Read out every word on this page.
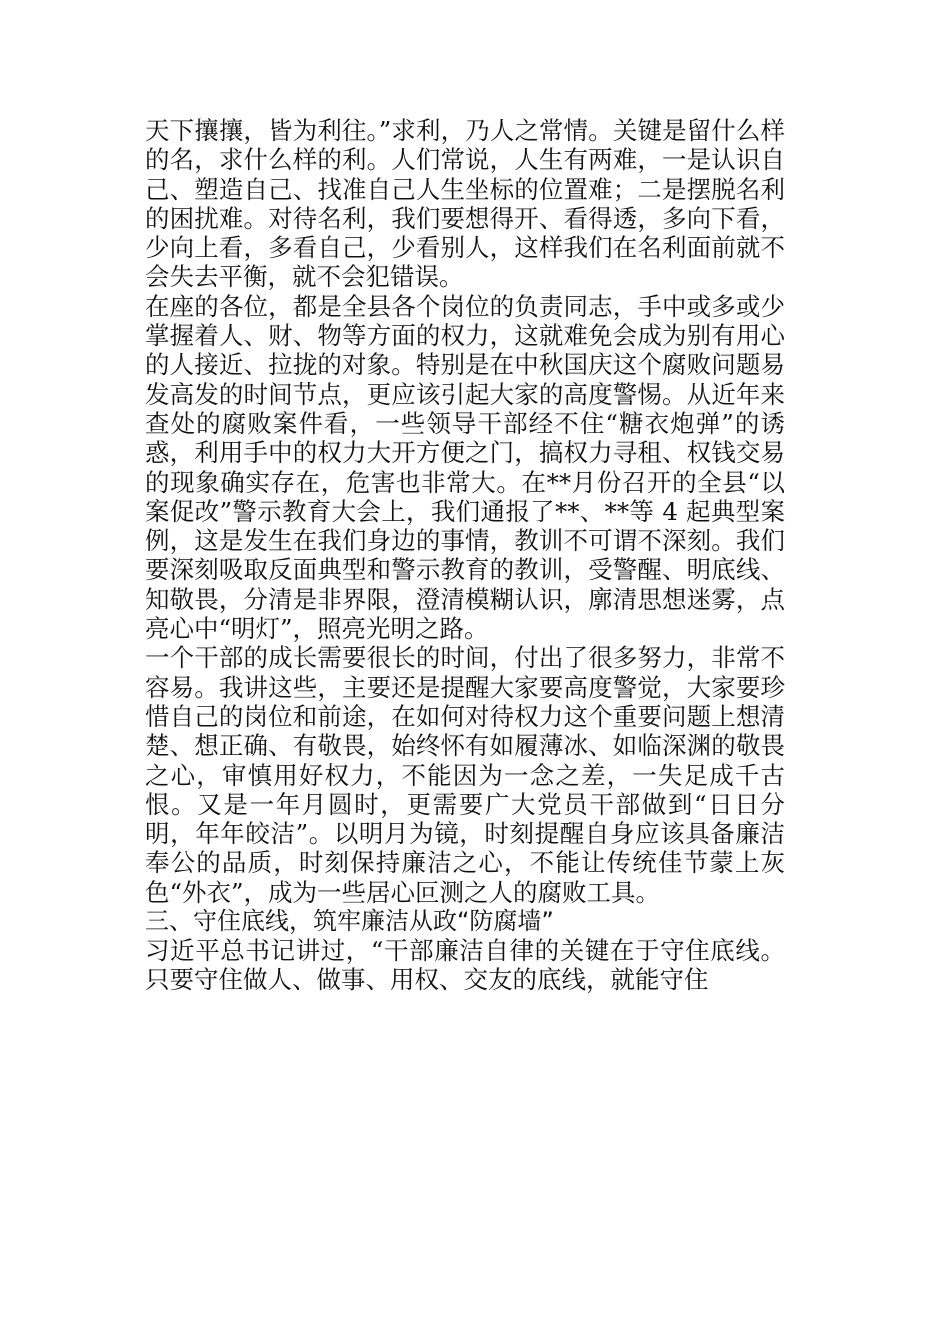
天下攘攘，皆为利往。”求利，乃人之常情。关键是留什么样的名，求什么样的利。人们常说，人生有两难，一是认识自己、塑造自己、找准自己人生坐标的位置难；二是摆脱名利的困扰难。对待名利，我们要想得开、看得透，多向下看，少向上看，多看自己，少看别人，这样我们在名利面前就不会失去平衡，就不会犯错误。

在座的各位，都是全县各个岗位的负责同志，手中或多或少掌握着人、财、物等方面的权力，这就难免会成为别有用心的人接近、拉拢的对象。特别是在中秋国庆这个腐败问题易发高发的时间节点，更应该引起大家的高度警惕。从近年来查处的腐败案件看，一些领导干部经不住“糖衣炮弹”的诱惑，利用手中的权力大开方便之门，搞权力寻租、权钱交易的现象确实存在，危害也非常大。在**月份召开的全县“以案促改”警示教育大会上，我们通报了**、**等 4 起典型案例，这是发生在我们身边的事情，教训不可谓不深刻。我们要深刻吸取反面典型和警示教育的教训，受警醒、明底线、知敬畏，分清是非界限，澄清模糊认识，廓清思想迷雾，点亮心中“明灯”，照亮光明之路。

一个干部的成长需要很长的时间，付出了很多努力，非常不容易。我讲这些，主要还是提醒大家要高度警觉，大家要珍惜自己的岗位和前途，在如何对待权力这个重要问题上想清楚、想正确、有敬畏，始终怀有如履薄冰、如临深渊的敬畏之心，审慎用好权力，不能因为一念之差，一失足成千古恨。又是一年月圆时，更需要广大党员干部做到“日日分明，年年皎洁”。以明月为镜，时刻提醒自身应该具备廉洁奉公的品质，时刻保持廉洁之心，不能让传统佳节蒙上灰色“外衣”，成为一些居心叵测之人的腐败工具。

三、守住底线，筑牢廉洁从政“防腐墙”

习近平总书记讲过，“干部廉洁自律的关键在于守住底线。只要守住做人、做事、用权、交友的底线，就能守住
